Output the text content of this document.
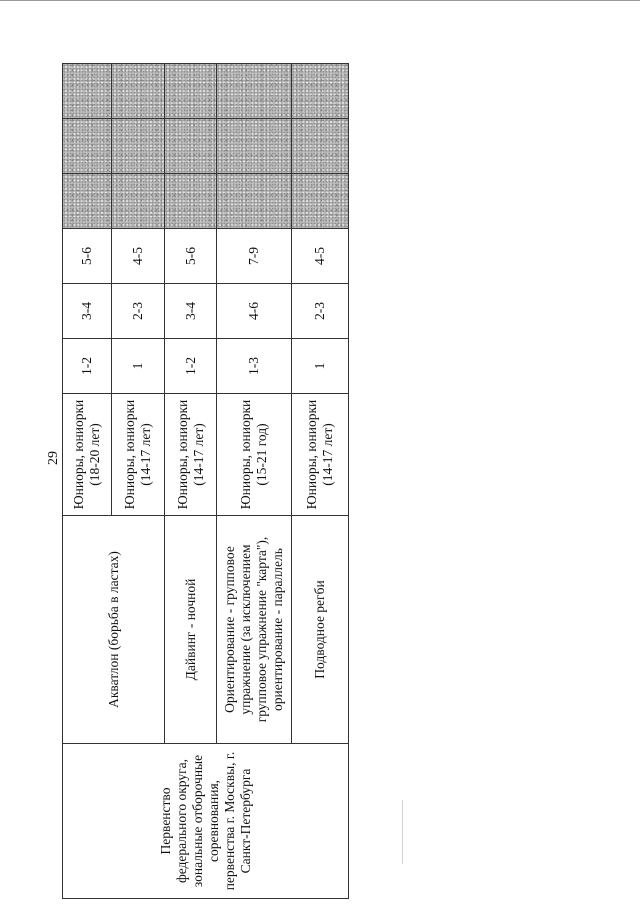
29
Первенство федерального округа, зональные отборочные соревнования, первенства г. Москвы, г. Санкт-Петербурга	Акватлон (борьба в ластах)	Юниоры, юниорки (18-20 лет)	1-2	3-4	5-6			
		Юниоры, юниорки (14-17 лет)	1	2-3	4-5			
	Дайвинг - ночной	Юниоры, юниорки (14-17 лет)	1-2	3-4	5-6			
	Ориентирование - групповое упражнение (за исключением групповое упражнение "карта"), ориентирование - параллель	Юниоры, юниорки (15-21 год)	1-3	4-6	7-9			
	Подводное регби	Юниоры, юниорки (14-17 лет)	1	2-3	4-5			
